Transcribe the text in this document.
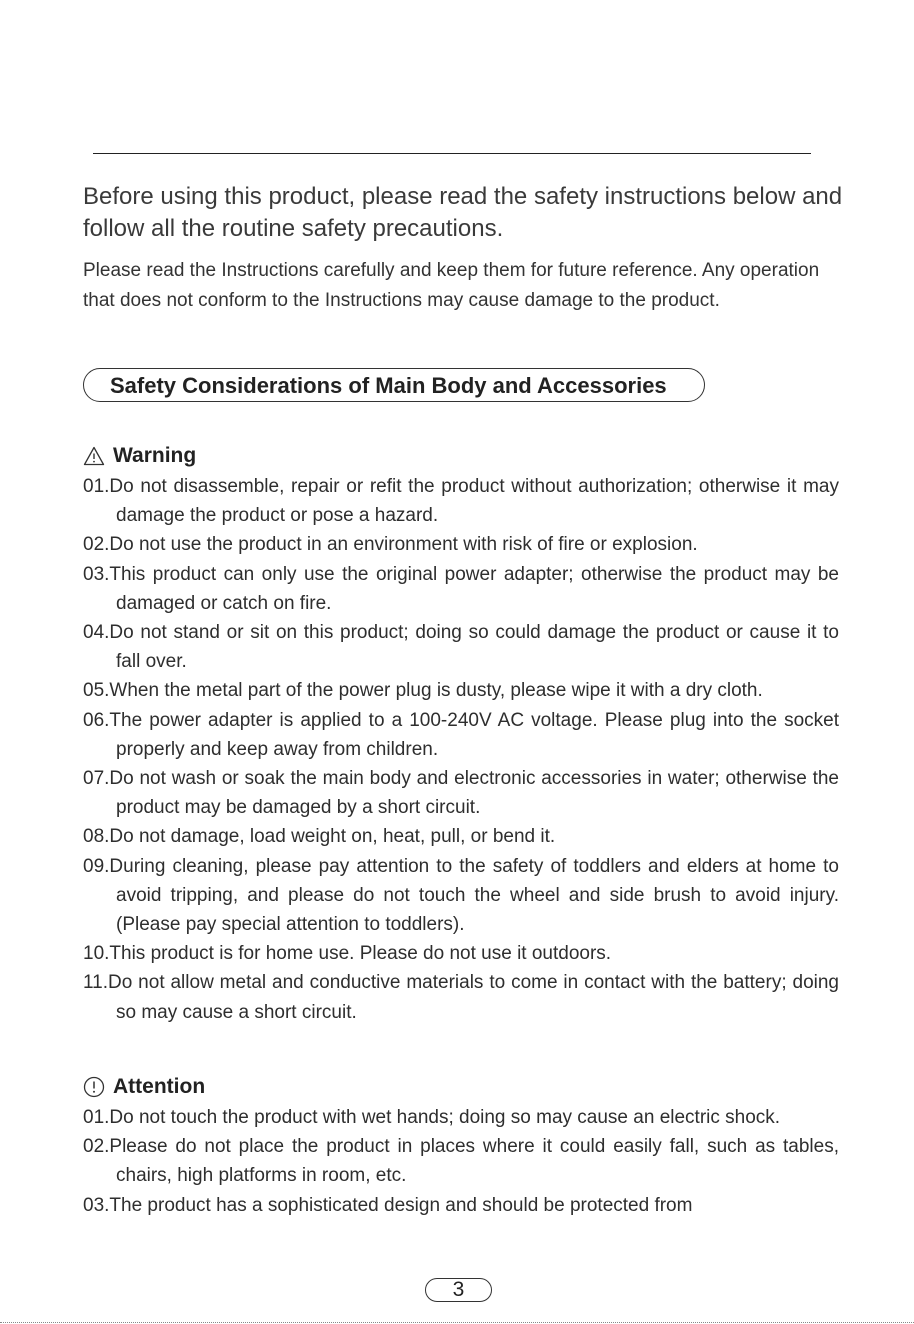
Before using this product, please read the safety instructions below and follow all the routine safety precautions.
Please read the Instructions carefully and keep them for future reference. Any operation that does not conform to the Instructions may cause damage to the product.
Safety Considerations of Main Body and Accessories
Warning
01.Do not disassemble, repair or refit the product without authorization; otherwise it may damage the product or pose a hazard.
02.Do not use the product in an environment with risk of fire or explosion.
03.This product can only use the original power adapter; otherwise the product may be damaged or catch on fire.
04.Do not stand or sit on this product; doing so could damage the product or cause it to fall over.
05.When the metal part of the power plug is dusty, please wipe it with a dry cloth.
06.The power adapter is applied to a 100-240V AC voltage. Please plug into the socket properly and keep away from children.
07.Do not wash or soak the main body and electronic accessories in water; otherwise the product may be damaged by a short circuit.
08.Do not damage, load weight on, heat, pull, or bend it.
09.During cleaning, please pay attention to the safety of toddlers and elders at home to avoid tripping, and please do not touch the wheel and side brush to avoid injury. (Please pay special attention to toddlers).
10.This product is for home use. Please do not use it outdoors.
11.Do not allow metal and conductive materials to come in contact with the battery; doing so may cause a short circuit.
Attention
01.Do not touch the product with wet hands; doing so may cause an electric shock.
02.Please do not place the product in places where it could easily fall, such as tables, chairs, high platforms in room, etc.
03.The product has a sophisticated design and should be protected from
3
